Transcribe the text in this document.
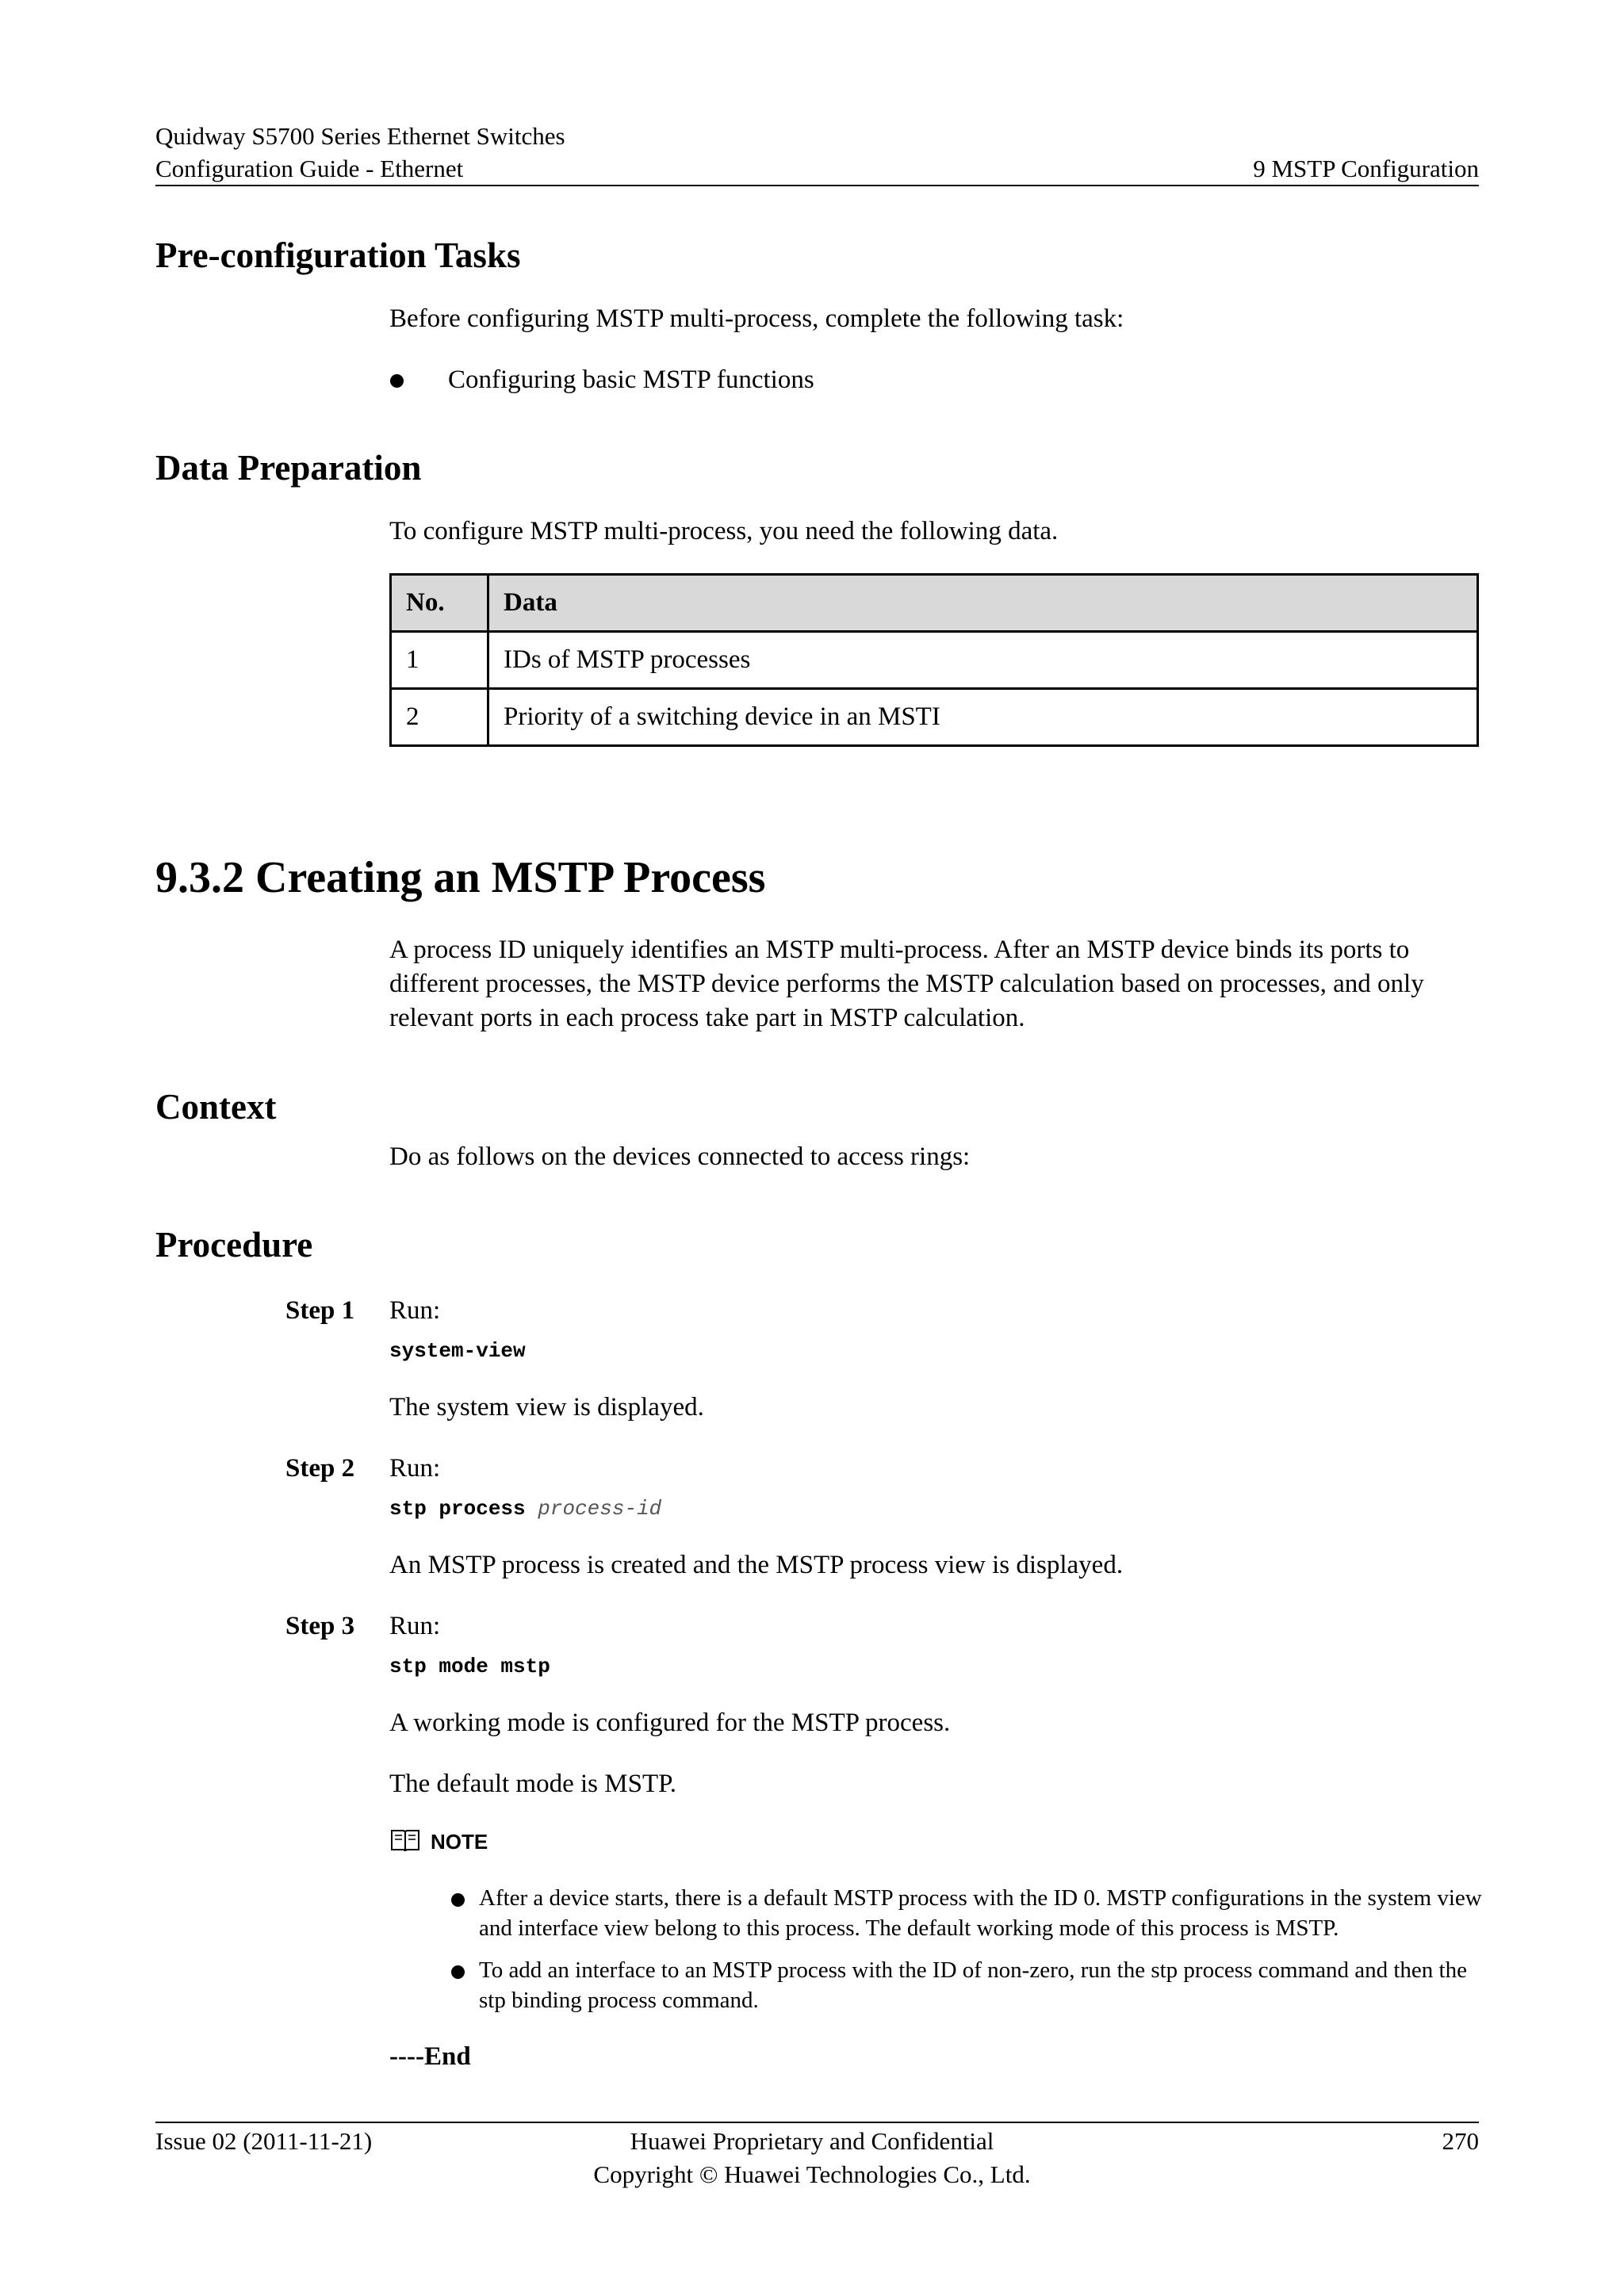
Quidway S5700 Series Ethernet Switches
Configuration Guide - Ethernet	9 MSTP Configuration
Pre-configuration Tasks
Before configuring MSTP multi-process, complete the following task:
Configuring basic MSTP functions
Data Preparation
To configure MSTP multi-process, you need the following data.
No.	Data
1	IDs of MSTP processes
2	Priority of a switching device in an MSTI
9.3.2 Creating an MSTP Process
A process ID uniquely identifies an MSTP multi-process. After an MSTP device binds its ports to different processes, the MSTP device performs the MSTP calculation based on processes, and only relevant ports in each process take part in MSTP calculation.
Context
Do as follows on the devices connected to access rings:
Procedure
Step 1 Run:
system-view
The system view is displayed.
Step 2 Run:
stp process process-id
An MSTP process is created and the MSTP process view is displayed.
Step 3 Run:
stp mode mstp
A working mode is configured for the MSTP process.
The default mode is MSTP.
NOTE
After a device starts, there is a default MSTP process with the ID 0. MSTP configurations in the system view and interface view belong to this process. The default working mode of this process is MSTP.
To add an interface to an MSTP process with the ID of non-zero, run the stp process command and then the stp binding process command.
----End
Issue 02 (2011-11-21)	Huawei Proprietary and Confidential
Copyright © Huawei Technologies Co., Ltd.
270
